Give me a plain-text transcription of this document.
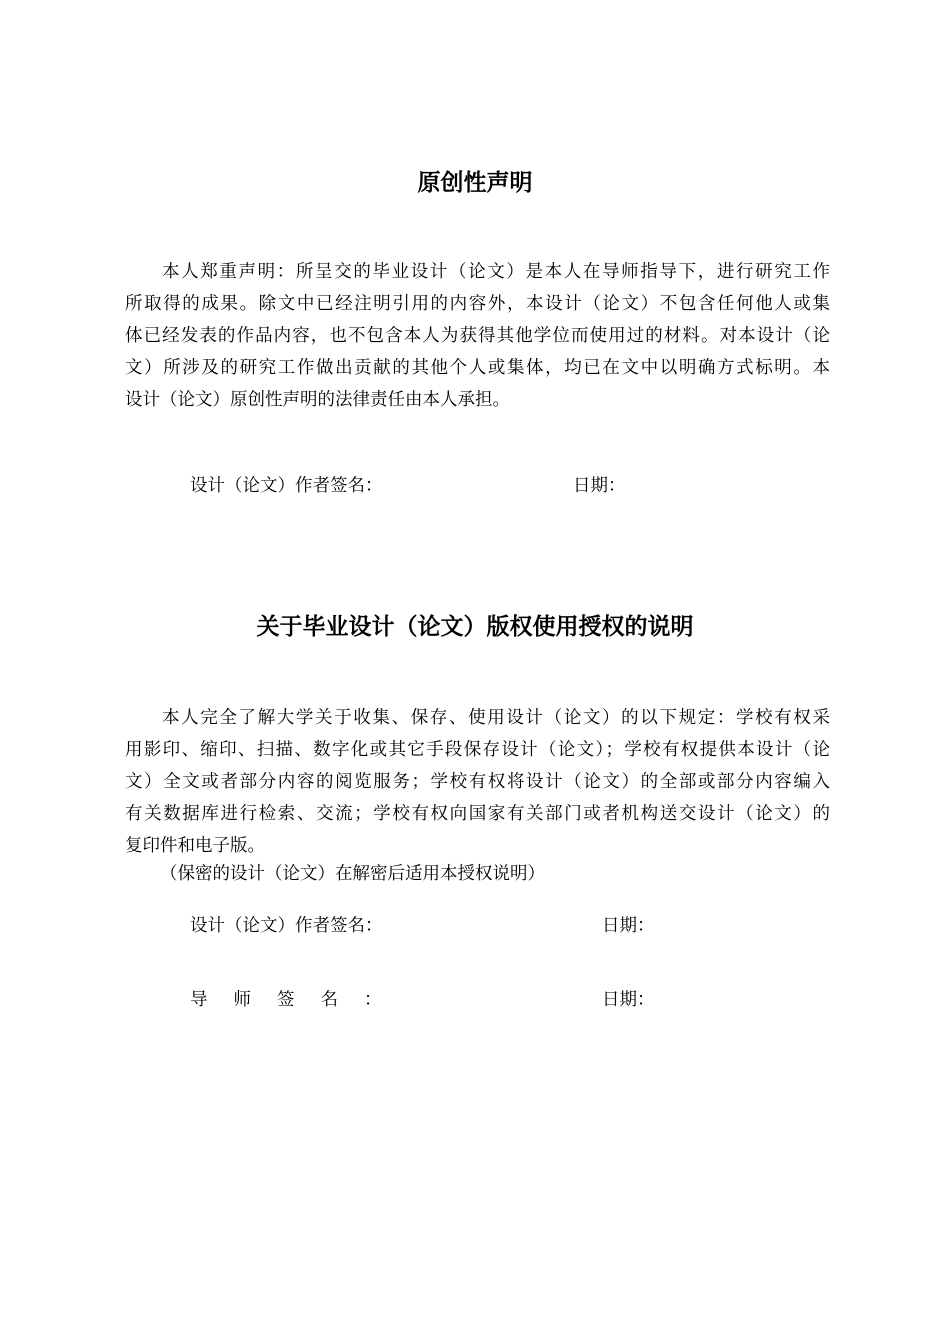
原创性声明
本人郑重声明：所呈交的毕业设计（论文）是本人在导师指导下，进行研究工作
所取得的成果。除文中已经注明引用的内容外，本设计（论文）不包含任何他人或集
体已经发表的作品内容，也不包含本人为获得其他学位而使用过的材料。对本设计（论
文）所涉及的研究工作做出贡献的其他个人或集体，均已在文中以明确方式标明。本
设计（论文）原创性声明的法律责任由本人承担。
设计（论文）作者签名：	日期：
关于毕业设计（论文）版权使用授权的说明
本人完全了解大学关于收集、保存、使用设计（论文）的以下规定：学校有权采
用影印、缩印、扫描、数字化或其它手段保存设计（论文）；学校有权提供本设计（论
文）全文或者部分内容的阅览服务；学校有权将设计（论文）的全部或部分内容编入
有关数据库进行检索、交流；学校有权向国家有关部门或者机构送交设计（论文）的
复印件和电子版。
（保密的设计（论文）在解密后适用本授权说明）
设计（论文）作者签名：	日期：
导师签名：	日期：
